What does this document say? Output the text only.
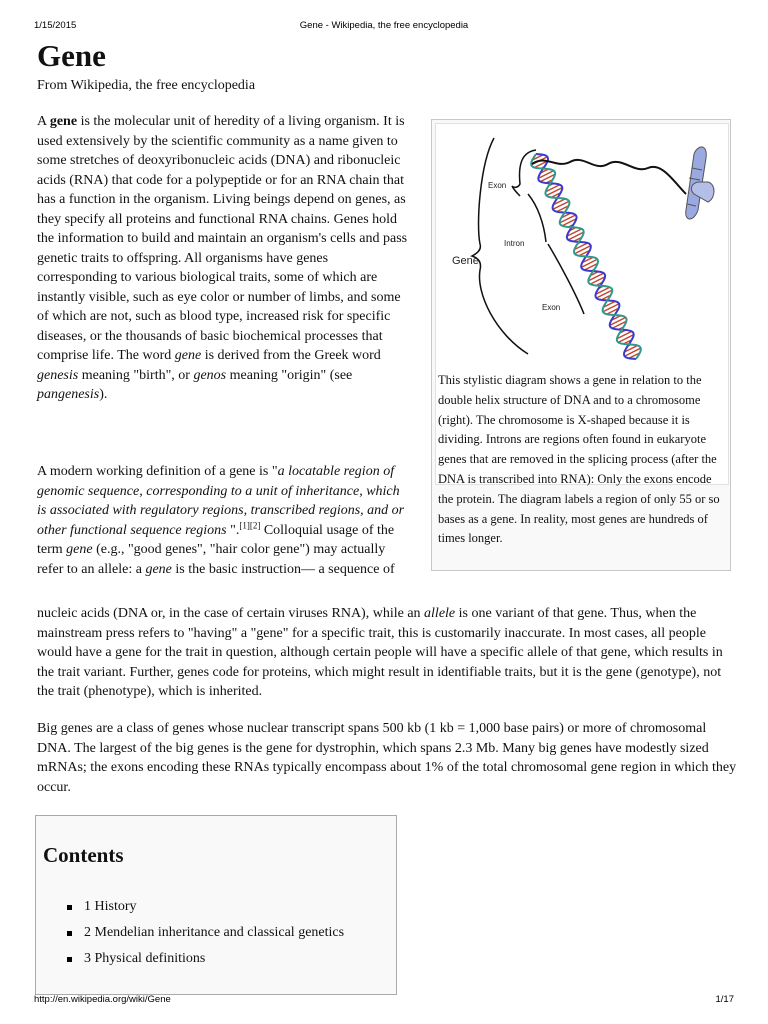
1/15/2015	Gene - Wikipedia, the free encyclopedia
Gene
From Wikipedia, the free encyclopedia

A gene is the molecular unit of heredity of a living organism. It is used extensively by the scientific community as a name given to some stretches of deoxyribonucleic acids (DNA) and ribonucleic acids (RNA) that code for a polypeptide or for an RNA chain that has a function in the organism. Living beings depend on genes, as they specify all proteins and functional RNA chains. Genes hold the information to build and maintain an organism's cells and pass genetic traits to offspring. All organisms have genes corresponding to various biological traits, some of which are instantly visible, such as eye color or number of limbs, and some of which are not, such as blood type, increased risk for specific diseases, or the thousands of basic biochemical processes that comprise life. The word gene is derived from the Greek word genesis meaning "birth", or genos meaning "origin" (see pangenesis).

A modern working definition of a gene is "a locatable region of genomic sequence, corresponding to a unit of inheritance, which is associated with regulatory regions, transcribed regions, and or other functional sequence regions ".[1][2] Colloquial usage of the term gene (e.g., "good genes", "hair color gene") may actually refer to an allele: a gene is the basic instruction— a sequence of

nucleic acids (DNA or, in the case of certain viruses RNA), while an allele is one variant of that gene. Thus, when the mainstream press refers to "having" a "gene" for a specific trait, this is customarily inaccurate. In most cases, all people would have a gene for the trait in question, although certain people will have a specific allele of that gene, which results in the trait variant. Further, genes code for proteins, which might result in identifiable traits, but it is the gene (genotype), not the trait (phenotype), which is inherited.

Big genes are a class of genes whose nuclear transcript spans 500 kb (1 kb = 1,000 base pairs) or more of chromosomal DNA. The largest of the big genes is the gene for dystrophin, which spans 2.3 Mb. Many big genes have modestly sized mRNAs; the exons encoding these RNAs typically encompass about 1% of the total chromosomal gene region in which they occur.

Exon
Intron
Exon
Gene
This stylistic diagram shows a gene in relation to the double helix structure of DNA and to a chromosome (right). The chromosome is X-shaped because it is dividing. Introns are regions often found in eukaryote genes that are removed in the splicing process (after the DNA is transcribed into RNA): Only the exons encode the protein. The diagram labels a region of only 55 or so bases as a gene. In reality, most genes are hundreds of times longer.
Contents
1 History
2 Mendelian inheritance and classical genetics
3 Physical definitions
http://en.wikipedia.org/wiki/Gene	1/17
